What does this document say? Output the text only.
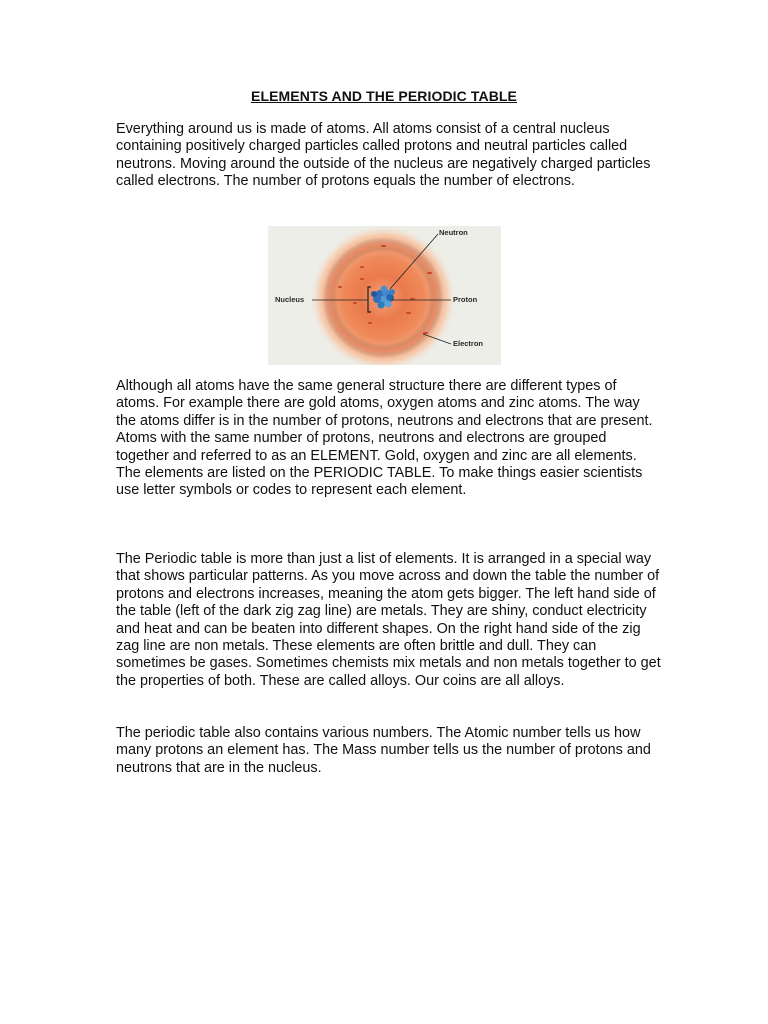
ELEMENTS AND THE PERIODIC TABLE

Everything around us is made of atoms. All atoms consist of a central nucleus containing positively charged particles called protons and neutral particles called neutrons. Moving around the outside of the nucleus are negatively charged particles called electrons. The number of protons equals the number of electrons.

Neutron
Nucleus	Proton
Electron

Although all atoms have the same general structure there are different types of atoms. For example there are gold atoms, oxygen atoms and zinc atoms. The way the atoms differ is in the number of protons, neutrons and electrons that are present. Atoms with the same number of protons, neutrons and electrons are grouped together and referred to as an ELEMENT. Gold, oxygen and zinc are all elements. The elements are listed on the PERIODIC TABLE. To make things easier scientists use letter symbols or codes to represent each element.

The Periodic table is more than just a list of elements. It is arranged in a special way that shows particular patterns. As you move across and down the table the number of protons and electrons increases, meaning the atom gets bigger. The left hand side of the table (left of the dark zig zag line) are metals. They are shiny, conduct electricity and heat and can be beaten into different shapes. On the right hand side of the zig zag line are non metals. These elements are often brittle and dull. They can sometimes be gases. Sometimes chemists mix metals and non metals together to get the properties of both. These are called alloys. Our coins are all alloys.

The periodic table also contains various numbers. The Atomic number tells us how many protons an element has. The Mass number tells us the number of protons and neutrons that are in the nucleus.
